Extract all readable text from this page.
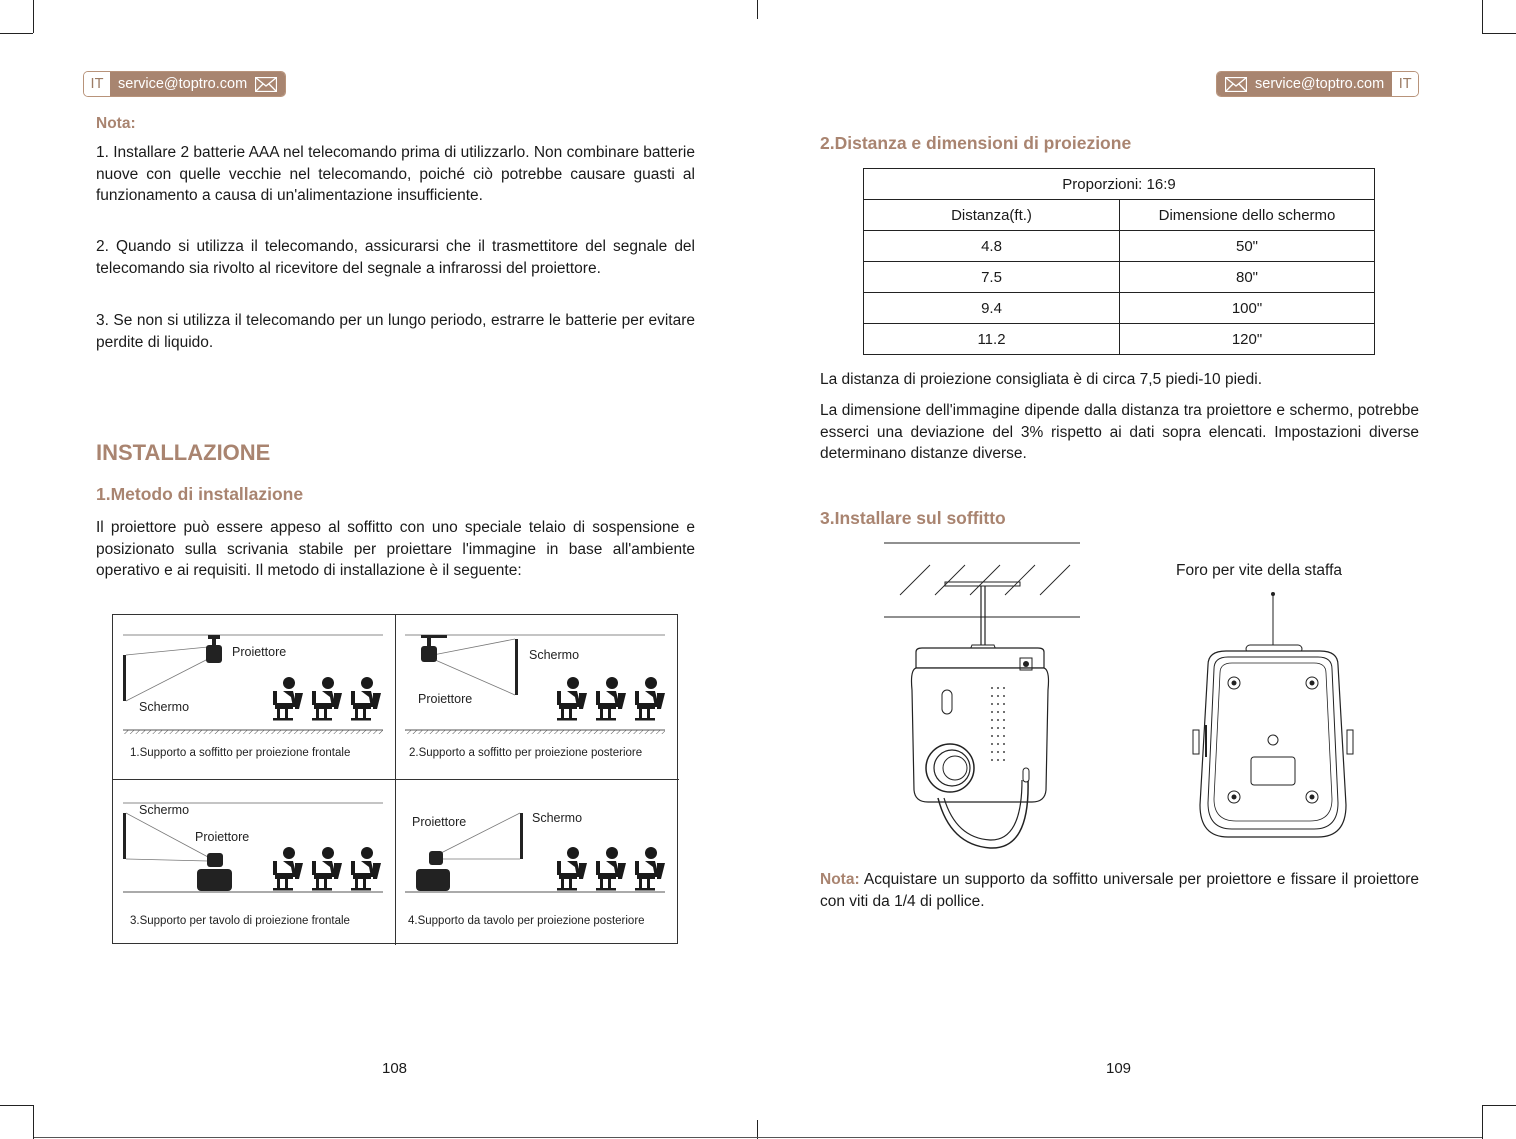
IT	service@toptro.com
Nota:
1. Installare 2 batterie AAA nel telecomando prima di utilizzarlo. Non combinare batterie nuove con quelle vecchie nel telecomando, poiché ciò potrebbe causare guasti al funzionamento a causa di un'alimentazione insufficiente.
2. Quando si utilizza il telecomando, assicurarsi che il trasmettitore del segnale del telecomando sia rivolto al ricevitore del segnale a infrarossi del proiettore.
3. Se non si utilizza il telecomando per un lungo periodo, estrarre le batterie per evitare perdite di liquido.
INSTALLAZIONE
1.Metodo di installazione
Il proiettore può essere appeso al soffitto con uno speciale telaio di sospensione e posizionato sulla scrivania stabile per proiettare l'immagine in base all'ambiente operativo e ai requisiti. Il metodo di installazione è il seguente:
Proiettore
Schermo
1.Supporto a soffitto per proiezione frontale
Schermo
Proiettore
2.Supporto a soffitto per proiezione posteriore
Schermo
Proiettore
3.Supporto per tavolo di proiezione frontale
Proiettore	Schermo
4.Supporto da tavolo per proiezione posteriore
108
service@toptro.com	IT
2.Distanza e dimensioni di proiezione
Proporzioni: 16:9	
Distanza(ft.)	Dimensione dello schermo
4.8	50"
7.5	80"
9.4	100"
11.2	120"
La distanza di proiezione consigliata è di circa 7,5 piedi-10 piedi.
La dimensione dell'immagine dipende dalla distanza tra proiettore e schermo, potrebbe esserci una deviazione del 3% rispetto ai dati sopra elencati. Impostazioni diverse determinano distanze diverse.
3.Installare sul soffitto
Foro per vite della staffa
Nota: Acquistare un supporto da soffitto universale per proiettore e fissare il proiettore con viti da 1/4 di pollice.
109
